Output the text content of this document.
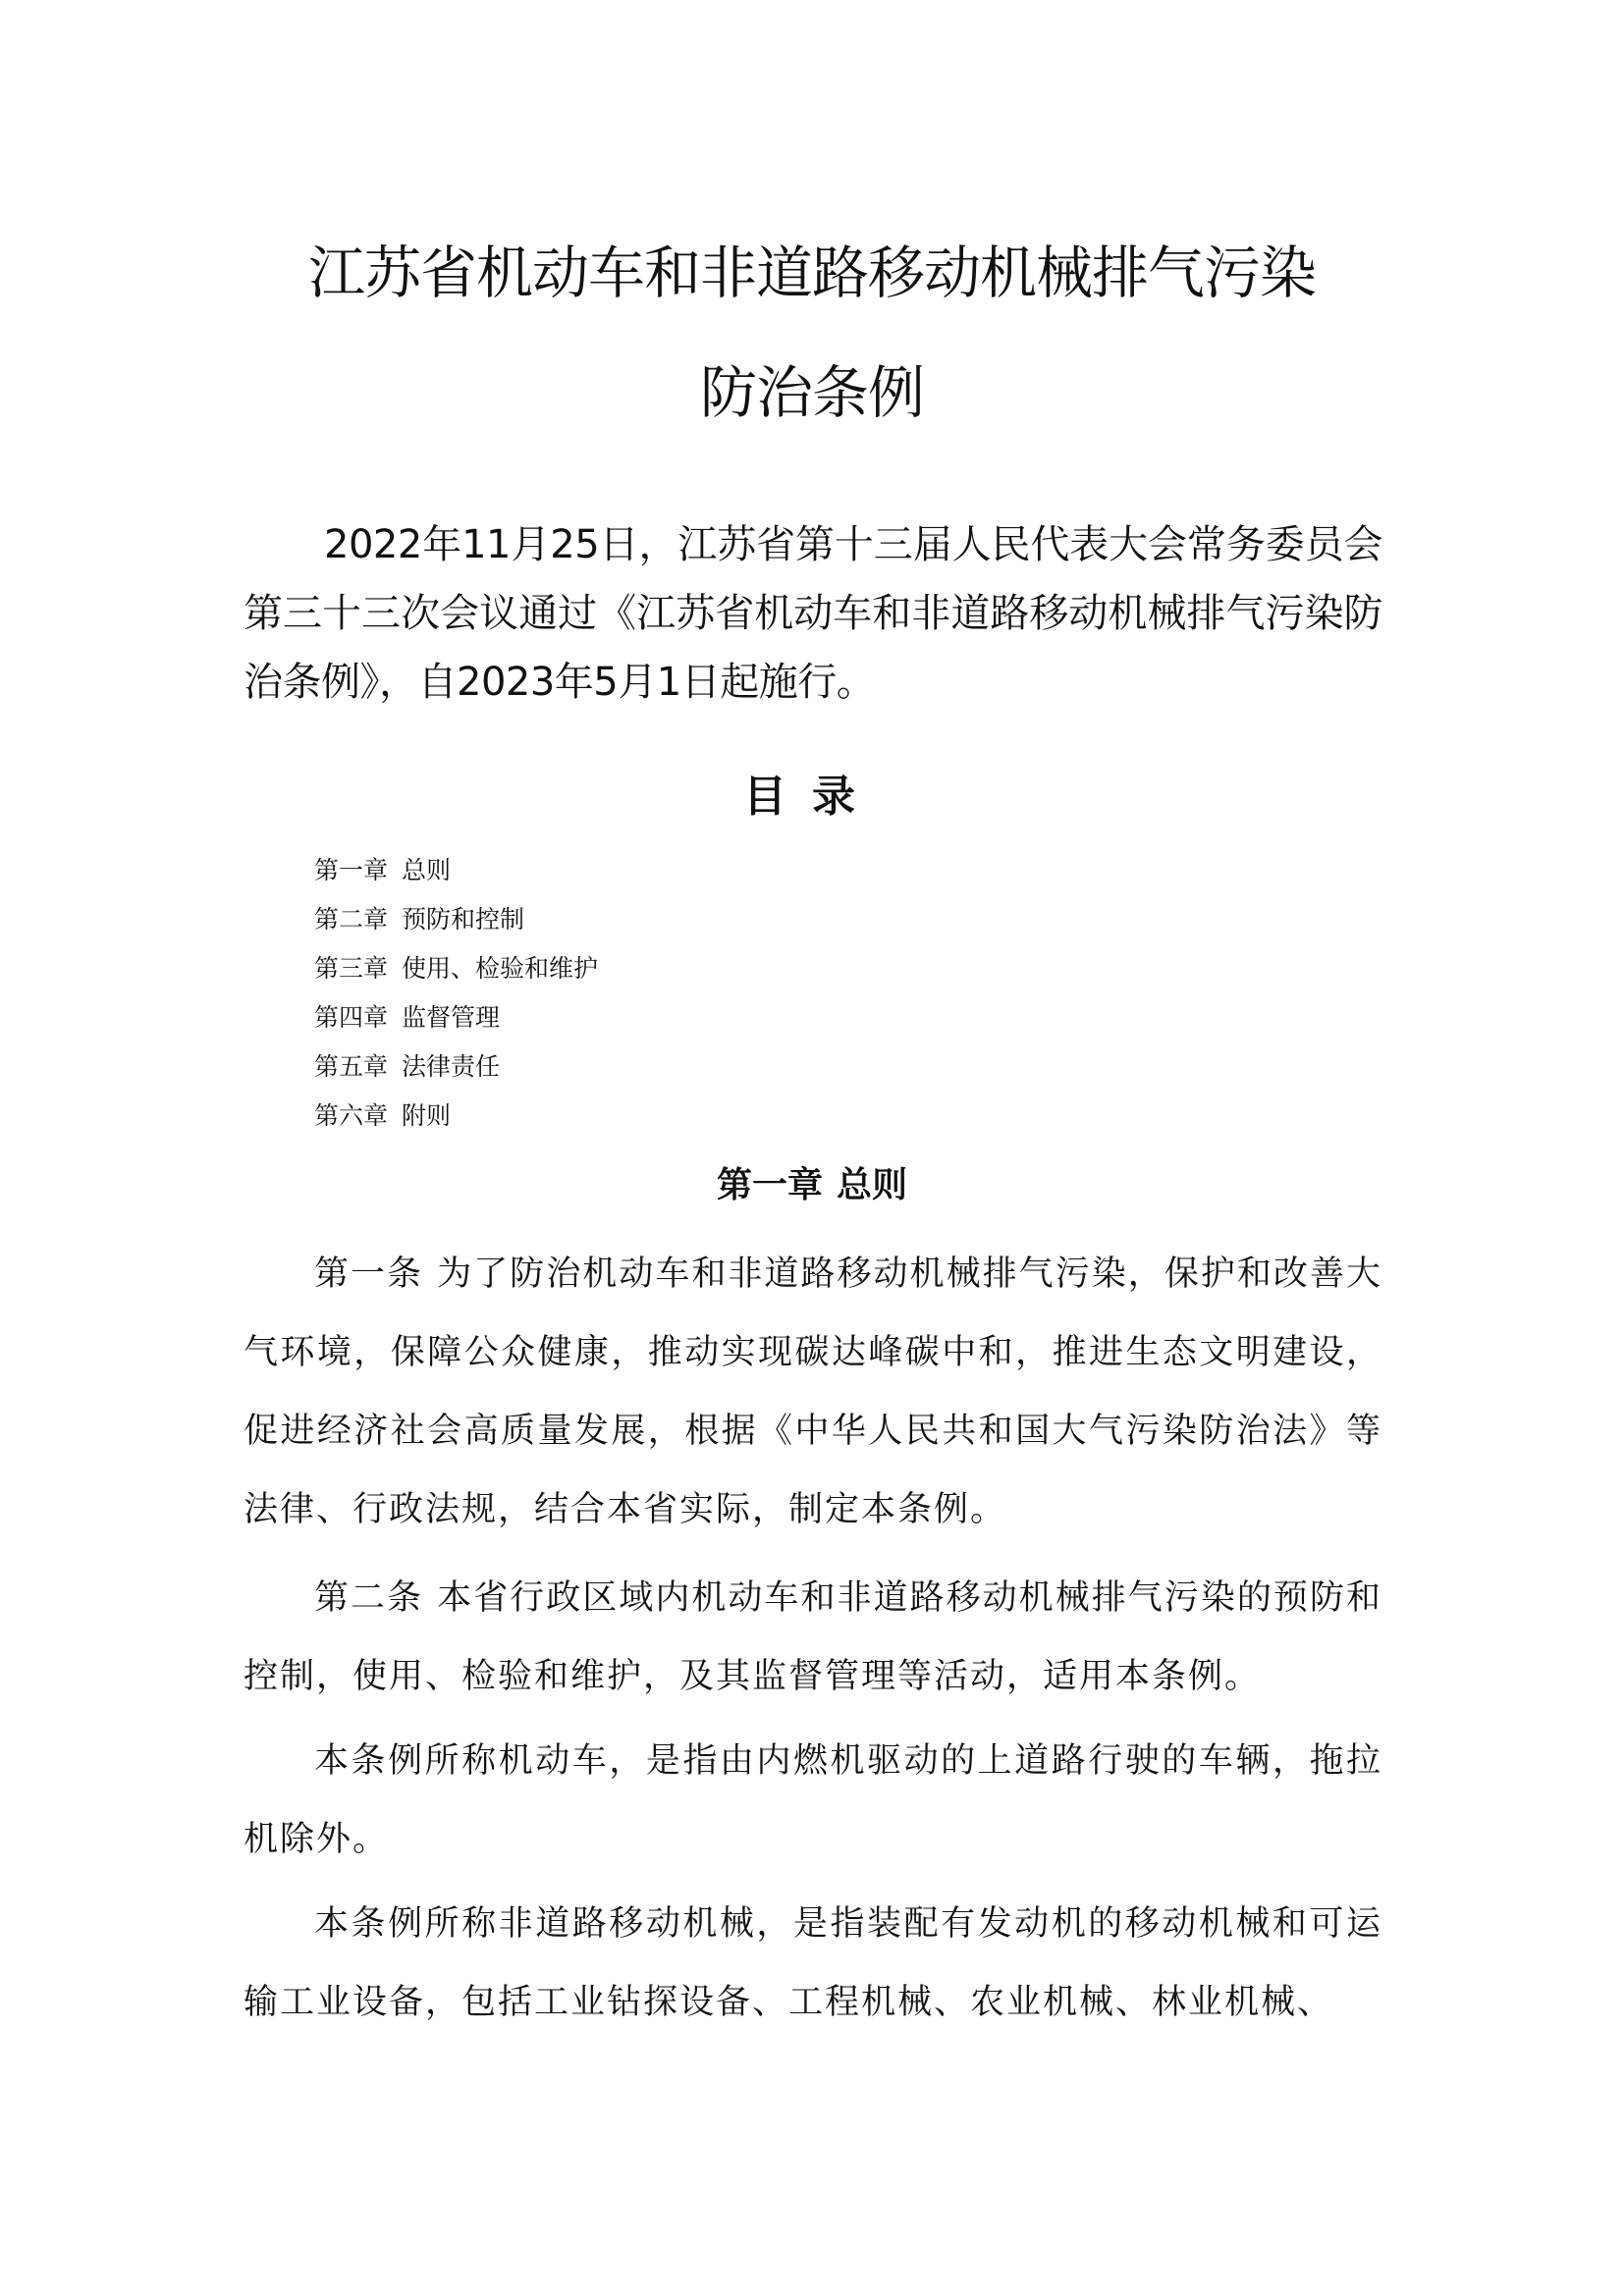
江苏省机动车和非道路移动机械排气污染
防治条例

2022年11月25日，江苏省第十三届人民代表大会常务委员会第三十三次会议通过《江苏省机动车和非道路移动机械排气污染防治条例》，自2023年5月1日起施行。

目录
第一章 总则
第二章 预防和控制
第三章 使用、检验和维护
第四章 监督管理
第五章 法律责任
第六章 附则
第一章 总则

第一条 为了防治机动车和非道路移动机械排气污染，保护和改善大气环境，保障公众健康，推动实现碳达峰碳中和，推进生态文明建设，促进经济社会高质量发展，根据《中华人民共和国大气污染防治法》等法律、行政法规，结合本省实际，制定本条例。

第二条 本省行政区域内机动车和非道路移动机械排气污染的预防和控制，使用、检验和维护，及其监督管理等活动，适用本条例。

本条例所称机动车，是指由内燃机驱动的上道路行驶的车辆，拖拉机除外。

本条例所称非道路移动机械，是指装配有发动机的移动机械和可运输工业设备，包括工业钻探设备、工程机械、农业机械、林业机械、
